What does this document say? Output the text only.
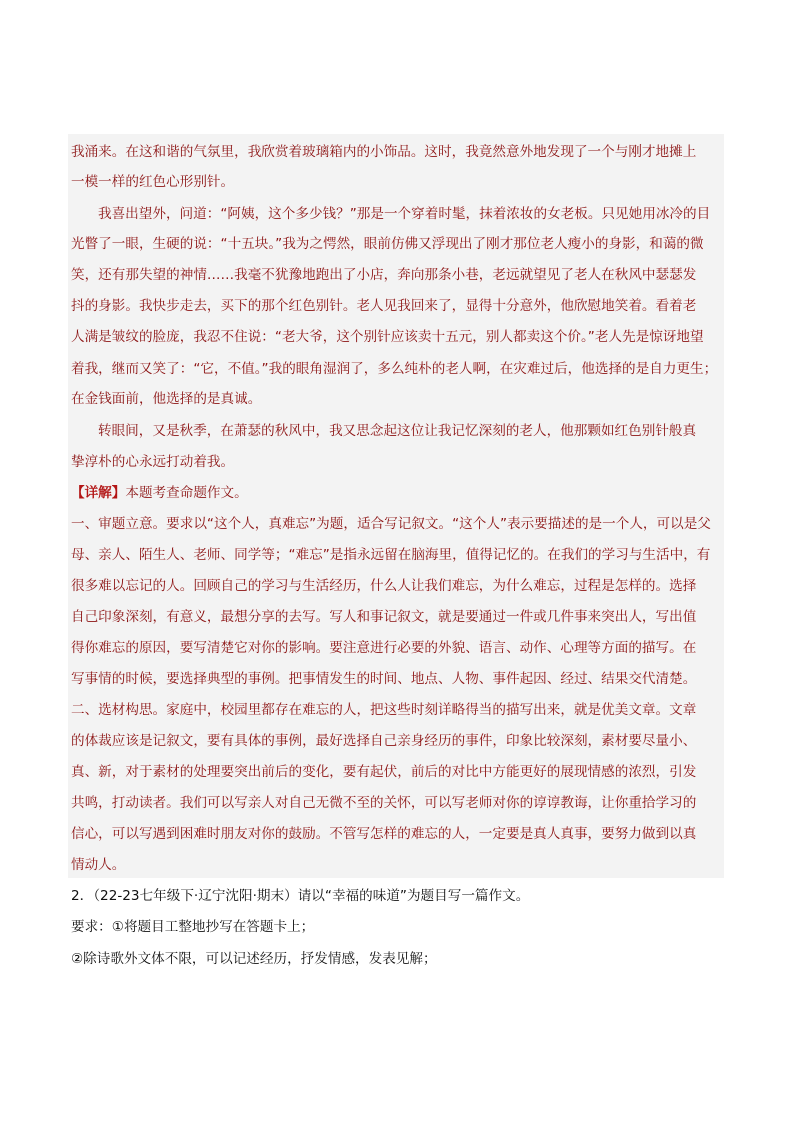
我涌来。在这和谐的气氛里，我欣赏着玻璃箱内的小饰品。这时，我竟然意外地发现了一个与刚才地摊上
一模一样的红色心形别针。
我喜出望外，问道：“阿姨，这个多少钱？”那是一个穿着时髦，抹着浓妆的女老板。只见她用冰冷的目
光瞥了一眼，生硬的说：“十五块。”我为之愕然，眼前仿佛又浮现出了刚才那位老人瘦小的身影，和蔼的微
笑，还有那失望的神情……我毫不犹豫地跑出了小店，奔向那条小巷，老远就望见了老人在秋风中瑟瑟发
抖的身影。我快步走去，买下的那个红色别针。老人见我回来了，显得十分意外，他欣慰地笑着。看着老
人满是皱纹的脸庞，我忍不住说：“老大爷，这个别针应该卖十五元，别人都卖这个价。”老人先是惊讶地望
着我，继而又笑了：“它，不值。”我的眼角湿润了，多么纯朴的老人啊，在灾难过后，他选择的是自力更生；
在金钱面前，他选择的是真诚。
转眼间，又是秋季，在萧瑟的秋风中，我又思念起这位让我记忆深刻的老人，他那颗如红色别针般真
挚淳朴的心永远打动着我。
【详解】本题考查命题作文。
一、审题立意。要求以“这个人，真难忘”为题，适合写记叙文。“这个人”表示要描述的是一个人，可以是父
母、亲人、陌生人、老师、同学等；“难忘”是指永远留在脑海里，值得记忆的。在我们的学习与生活中，有
很多难以忘记的人。回顾自己的学习与生活经历，什么人让我们难忘，为什么难忘，过程是怎样的。选择
自己印象深刻，有意义，最想分享的去写。写人和事记叙文，就是要通过一件或几件事来突出人，写出值
得你难忘的原因，要写清楚它对你的影响。要注意进行必要的外貌、语言、动作、心理等方面的描写。在
写事情的时候，要选择典型的事例。把事情发生的时间、地点、人物、事件起因、经过、结果交代清楚。
二、选材构思。家庭中，校园里都存在难忘的人，把这些时刻详略得当的描写出来，就是优美文章。文章
的体裁应该是记叙文，要有具体的事例，最好选择自己亲身经历的事件，印象比较深刻，素材要尽量小、
真、新，对于素材的处理要突出前后的变化，要有起伏，前后的对比中方能更好的展现情感的浓烈，引发
共鸣，打动读者。我们可以写亲人对自己无微不至的关怀，可以写老师对你的谆谆教诲，让你重拾学习的
信心，可以写遇到困难时朋友对你的鼓励。不管写怎样的难忘的人，一定要是真人真事，要努力做到以真
情动人。
2．（22-23七年级下·辽宁沈阳·期末）请以“幸福的味道”为题目写一篇作文。
要求：①将题目工整地抄写在答题卡上；
②除诗歌外文体不限，可以记述经历，抒发情感，发表见解；
